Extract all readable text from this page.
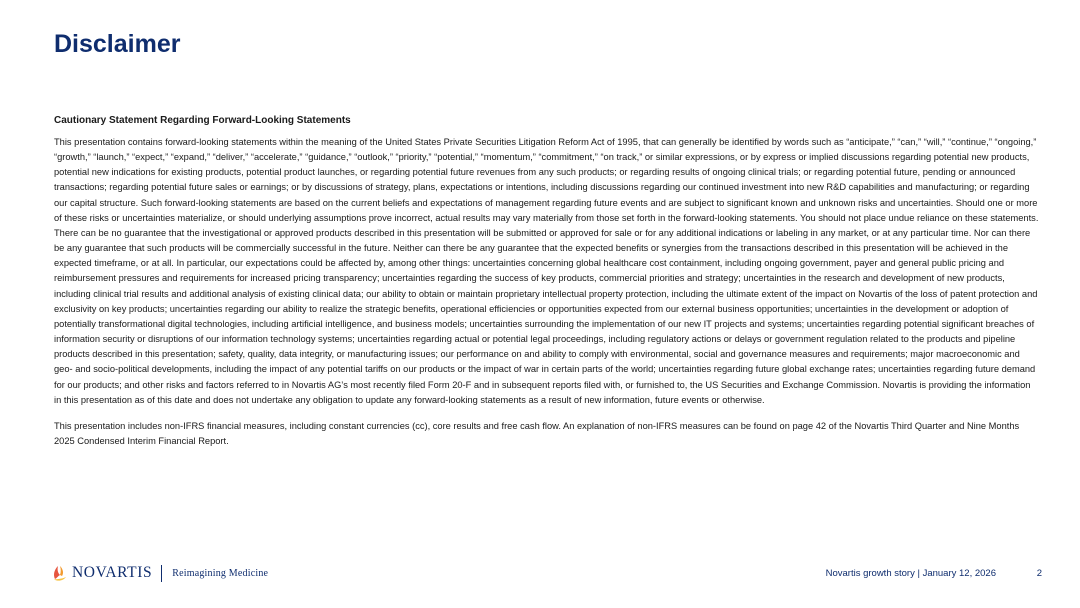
Disclaimer

Cautionary Statement Regarding Forward-Looking Statements

This presentation contains forward-looking statements within the meaning of the United States Private Securities Litigation Reform Act of 1995, that can generally be identified by words such as “anticipate,” “can,” “will,” “continue,” “ongoing,” “growth,” “launch,” “expect,” “expand,” “deliver,” “accelerate,” “guidance,” “outlook,” “priority,” “potential,” “momentum,” “commitment,” “on track,” or similar expressions, or by express or implied discussions regarding potential new products, potential new indications for existing products, potential product launches, or regarding potential future revenues from any such products; or regarding results of ongoing clinical trials; or regarding potential future, pending or announced transactions; regarding potential future sales or earnings; or by discussions of strategy, plans, expectations or intentions, including discussions regarding our continued investment into new R&D capabilities and manufacturing; or regarding our capital structure. Such forward-looking statements are based on the current beliefs and expectations of management regarding future events and are subject to significant known and unknown risks and uncertainties. Should one or more of these risks or uncertainties materialize, or should underlying assumptions prove incorrect, actual results may vary materially from those set forth in the forward-looking statements. You should not place undue reliance on these statements. There can be no guarantee that the investigational or approved products described in this presentation will be submitted or approved for sale or for any additional indications or labeling in any market, or at any particular time. Nor can there be any guarantee that such products will be commercially successful in the future. Neither can there be any guarantee that the expected benefits or synergies from the transactions described in this presentation will be achieved in the expected timeframe, or at all. In particular, our expectations could be affected by, among other things: uncertainties concerning global healthcare cost containment, including ongoing government, payer and general public pricing and reimbursement pressures and requirements for increased pricing transparency; uncertainties regarding the success of key products, commercial priorities and strategy; uncertainties in the research and development of new products, including clinical trial results and additional analysis of existing clinical data; our ability to obtain or maintain proprietary intellectual property protection, including the ultimate extent of the impact on Novartis of the loss of patent protection and exclusivity on key products; uncertainties regarding our ability to realize the strategic benefits, operational efficiencies or opportunities expected from our external business opportunities; uncertainties in the development or adoption of potentially transformational digital technologies, including artificial intelligence, and business models; uncertainties surrounding the implementation of our new IT projects and systems; uncertainties regarding potential significant breaches of information security or disruptions of our information technology systems; uncertainties regarding actual or potential legal proceedings, including regulatory actions or delays or government regulation related to the products and pipeline products described in this presentation; safety, quality, data integrity, or manufacturing issues; our performance on and ability to comply with environmental, social and governance measures and requirements; major macroeconomic and geo- and socio-political developments, including the impact of any potential tariffs on our products or the impact of war in certain parts of the world; uncertainties regarding future global exchange rates; uncertainties regarding future demand for our products; and other risks and factors referred to in Novartis AG’s most recently filed Form 20-F and in subsequent reports filed with, or furnished to, the US Securities and Exchange Commission. Novartis is providing the information in this presentation as of this date and does not undertake any obligation to update any forward-looking statements as a result of new information, future events or otherwise.

This presentation includes non-IFRS financial measures, including constant currencies (cc), core results and free cash flow. An explanation of non-IFRS measures can be found on page 42 of the Novartis Third Quarter and Nine Months 2025 Condensed Interim Financial Report.

NOVARTIS Reimagining Medicine	Novartis growth story | January 12, 2026	2
